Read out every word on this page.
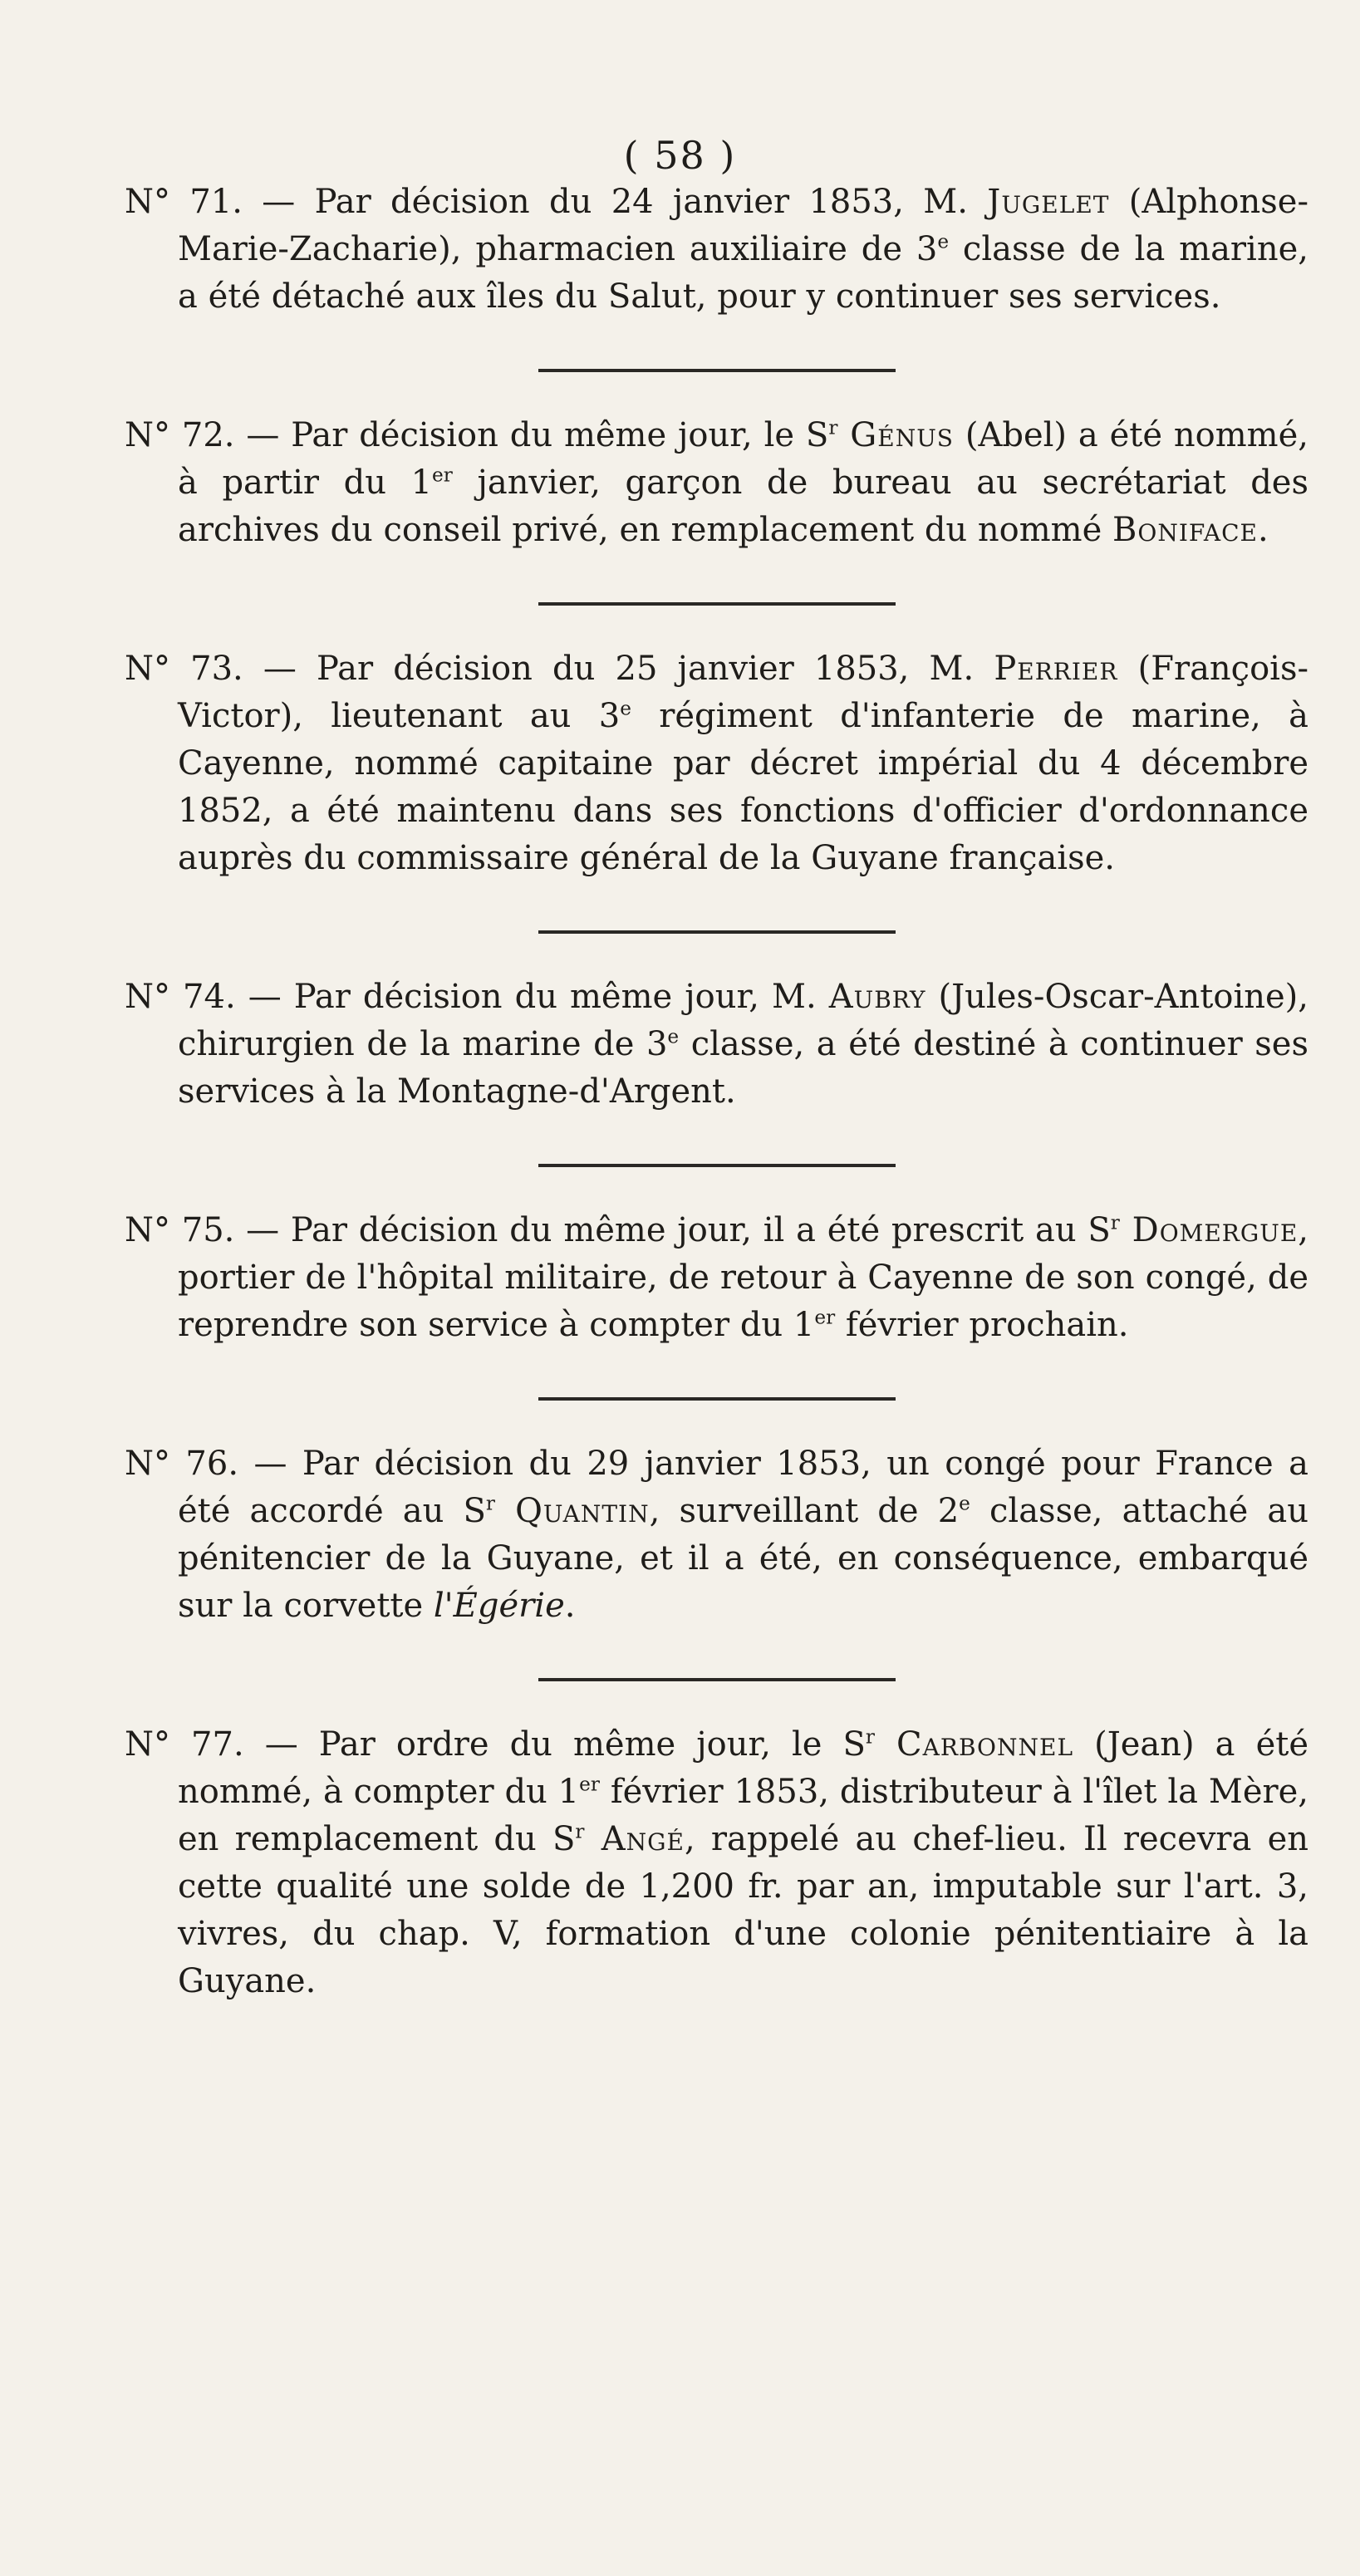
( 58 )

N° 71. — Par décision du 24 janvier 1853, M. Jugelet (Alphonse-Marie-Zacharie), pharmacien auxiliaire de 3e classe de la marine, a été détaché aux îles du Salut, pour y continuer ses services.

N° 72. — Par décision du même jour, le $S^r$ Génus (Abel) a été nommé, à partir du 1er janvier, garçon de bureau au secrétariat des archives du conseil privé, en remplacement du nommé Boniface.

N° 73. — Par décision du 25 janvier 1853, M. Perrier (François-Victor), lieutenant au 3e régiment d'infanterie de marine, à Cayenne, nommé capitaine par décret impérial du 4 décembre 1852, a été maintenu dans ses fonctions d'officier d'ordonnance auprès du commissaire général de la Guyane française.

N° 74. — Par décision du même jour, M. Aubry (Jules-Oscar-Antoine), chirurgien de la marine de 3e classe, a été destiné à continuer ses services à la Montagne-d'Argent.

N° 75. — Par décision du même jour, il a été prescrit au $S^r$ Domergue, portier de l'hôpital militaire, de retour à Cayenne de son congé, de reprendre son service à compter du 1er février prochain.

N° 76. — Par décision du 29 janvier 1853, un congé pour France a été accordé au $S^r$ Quantin, surveillant de 2e classe, attaché au pénitencier de la Guyane, et il a été, en conséquence, embarqué sur la corvette l'Égérie.

N° 77. — Par ordre du même jour, le $S^r$ Carbonnel (Jean) a été nommé, à compter du 1er février 1853, distributeur à l'îlet la Mère, en remplacement du $S^r$ Angé, rappelé au chef-lieu. Il recevra en cette qualité une solde de 1,200 fr. par an, imputable sur l'art. 3, vivres, du chap. V, formation d'une colonie pénitentiaire à la Guyane.
